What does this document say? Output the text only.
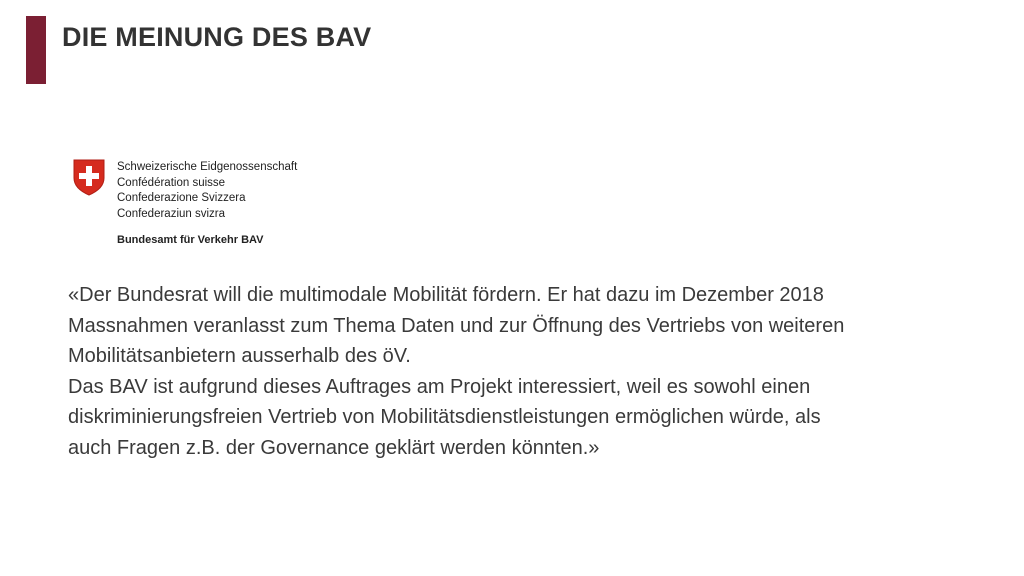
DIE MEINUNG DES BAV
Schweizerische Eidgenossenschaft
Confédération suisse
Confederazione Svizzera
Confederaziun svizra
Bundesamt für Verkehr BAV
«Der Bundesrat will die multimodale Mobilität fördern. Er hat dazu im Dezember 2018
Massnahmen veranlasst zum Thema Daten und zur Öffnung des Vertriebs von weiteren
Mobilitätsanbietern ausserhalb des öV.
Das BAV ist aufgrund dieses Auftrages am Projekt interessiert, weil es sowohl einen
diskriminierungsfreien Vertrieb von Mobilitätsdienstleistungen ermöglichen würde, als
auch Fragen z.B. der Governance geklärt werden könnten.»
